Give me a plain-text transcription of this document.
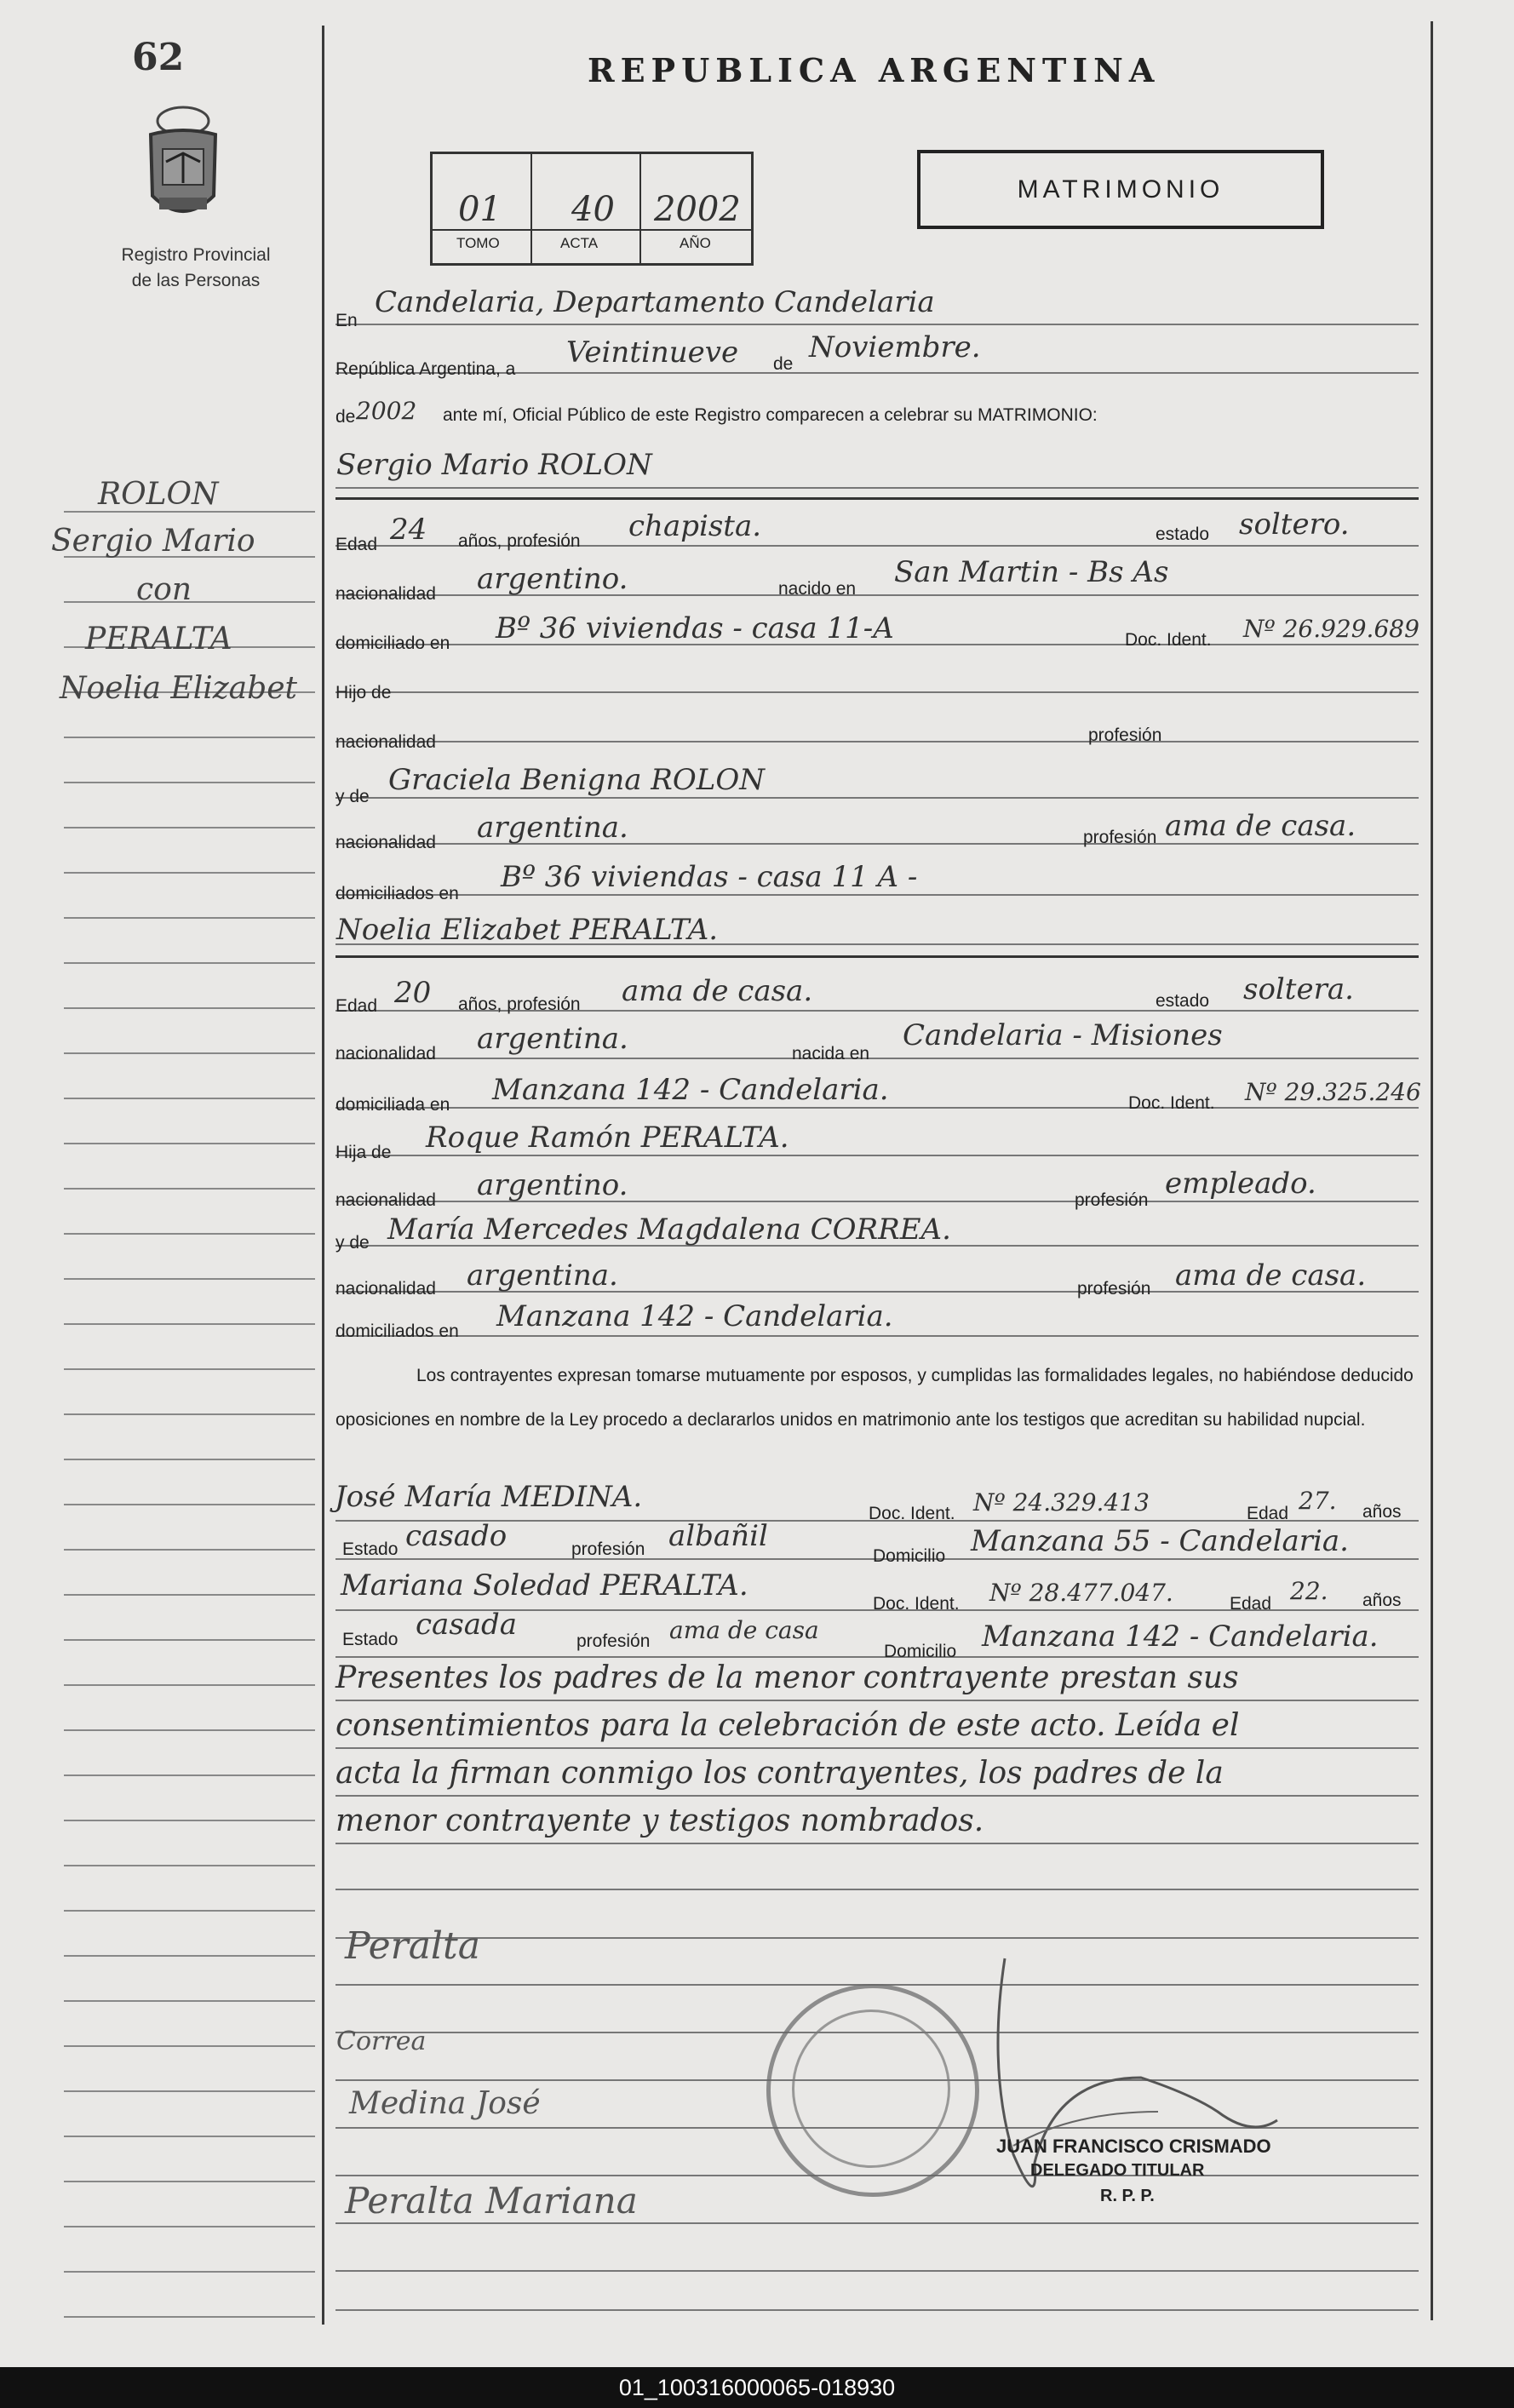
62
Registro Provincial
de las Personas
REPUBLICA ARGENTINA
01 40 2002
TOMO	ACTA	AÑO
MATRIMONIO
ROLON
Sergio Mario
con
PERALTA
Noelia Elizabet
En
Candelaria, Departamento Candelaria
República Argentina, a Veintinueve de Noviembre.
de 2002 ante mí, Oficial Público de este Registro comparecen a celebrar su MATRIMONIO:
Sergio Mario ROLON
Edad 24 años, profesión chapista.	estado soltero.
nacionalidad argentino.	nacido en San Martin - Bs As
domiciliado en Bº 36 viviendas - casa 11-A	Doc. Ident. Nº 26.929.689
Hijo de
nacionalidad	profesión
y de Graciela Benigna ROLON
nacionalidad argentina.	profesión ama de casa.
domiciliados en Bº 36 viviendas - casa 11 A -
Noelia Elizabet PERALTA.
Edad 20 años, profesión ama de casa.	estado soltera.
nacionalidad argentina.	nacida en
Candelaria - Misiones
domiciliada en Manzana 142 - Candelaria.	Doc. Ident. Nº 29.325.246
Hija de Roque Ramón PERALTA.
nacionalidad argentino.	profesión empleado.
y de María Mercedes Magdalena CORREA.
nacionalidad argentina.	profesión ama de casa.
domiciliados en Manzana 142 - Candelaria.
Los contrayentes expresan tomarse mutuamente por esposos, y cumplidas las formalidades legales, no habiéndose deducido oposiciones en nombre de la Ley procedo a declararlos unidos en matrimonio ante los testigos que acreditan su habilidad nupcial.
José María MEDINA.	Doc. Ident. Nº 24.329.413	Edad 27. años
Estado casado	profesión albañil
Domicilio Manzana 55 - Candelaria.
Mariana Soledad PERALTA.
Doc. Ident. Nº 28.477.047.	Edad 22. años
Estado casada	profesión ama de casa
Domicilio Manzana 142 - Candelaria.
Presentes los padres de la menor contrayente prestan sus
consentimientos para la celebración de este acto. Leída el
acta la firman conmigo los contrayentes, los padres de la
menor contrayente y testigos nombrados.
Peralta
Correa
Medina José
Peralta Mariana
JUAN FRANCISCO CRISMADO
DELEGADO TITULAR
R. P. P.
01_100316000065-018930
